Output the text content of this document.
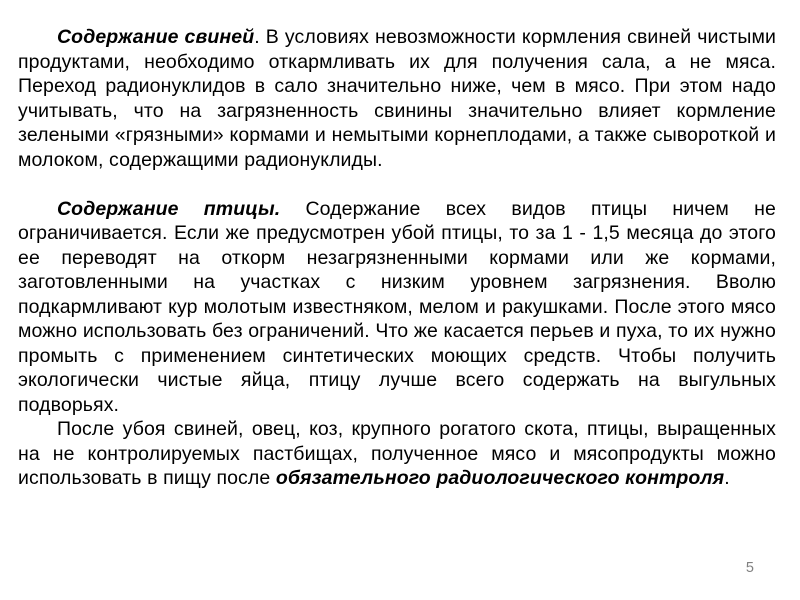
Содержание свиней. В условиях невозможности кормления свиней чистыми продуктами, необходимо откармливать их для получения сала, а не мяса. Переход радионуклидов в сало значительно ниже, чем в мясо. При этом надо учитывать, что на загрязненность свинины значительно влияет кормление зелеными «грязными» кормами и немытыми корнеплодами, а также сывороткой и молоком, содержащими радионуклиды.

Содержание птицы. Содержание всех видов птицы ничем не ограничивается. Если же предусмотрен убой птицы, то за 1 - 1,5 месяца до этого ее переводят на откорм незагрязненными кормами или же кормами, заготовленными на участках с низким уровнем загрязнения. Вволю подкармливают кур молотым известняком, мелом и ракушками. После этого мясо можно использовать без ограничений. Что же касается перьев и пуха, то их нужно промыть с применением синтетических моющих средств. Чтобы получить экологически чистые яйца, птицу лучше всего содержать на выгульных подворьях.

После убоя свиней, овец, коз, крупного рогатого скота, птицы, выращенных на не контролируемых пастбищах, полученное мясо и мясопродукты можно использовать в пищу после обязательного радиологического контроля.

5
